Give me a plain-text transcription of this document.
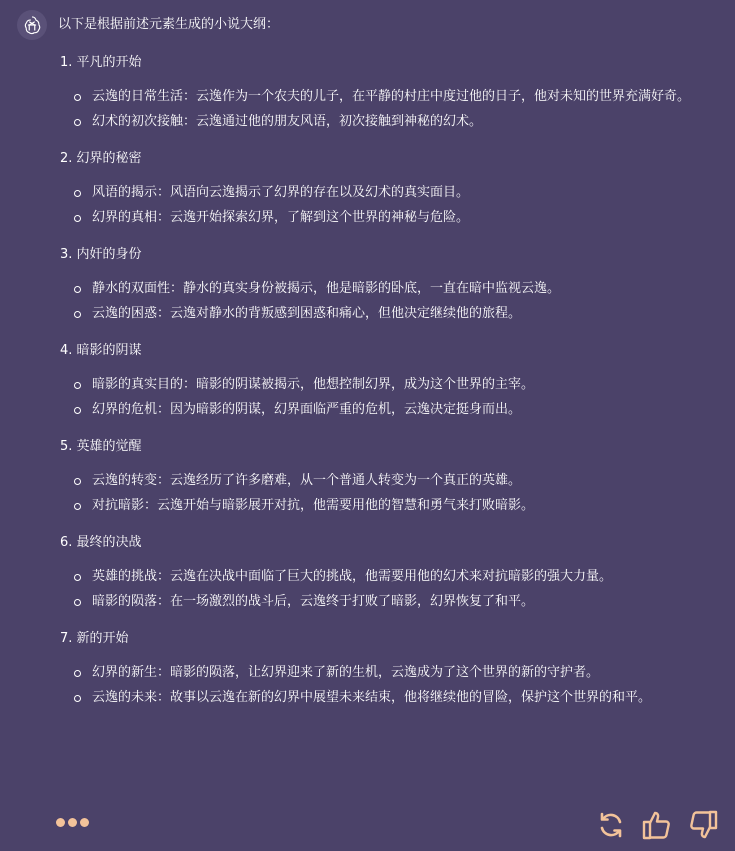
以下是根据前述元素生成的小说大纲：
1. 平凡的开始
云逸的日常生活：云逸作为一个农夫的儿子，在平静的村庄中度过他的日子，他对未知的世界充满好奇。
幻术的初次接触：云逸通过他的朋友风语，初次接触到神秘的幻术。
2. 幻界的秘密
风语的揭示：风语向云逸揭示了幻界的存在以及幻术的真实面目。
幻界的真相：云逸开始探索幻界，了解到这个世界的神秘与危险。
3. 内奸的身份
静水的双面性：静水的真实身份被揭示，他是暗影的卧底，一直在暗中监视云逸。
云逸的困惑：云逸对静水的背叛感到困惑和痛心，但他决定继续他的旅程。
4. 暗影的阴谋
暗影的真实目的：暗影的阴谋被揭示，他想控制幻界，成为这个世界的主宰。
幻界的危机：因为暗影的阴谋，幻界面临严重的危机，云逸决定挺身而出。
5. 英雄的觉醒
云逸的转变：云逸经历了许多磨难，从一个普通人转变为一个真正的英雄。
对抗暗影：云逸开始与暗影展开对抗，他需要用他的智慧和勇气来打败暗影。
6. 最终的决战
英雄的挑战：云逸在决战中面临了巨大的挑战，他需要用他的幻术来对抗暗影的强大力量。
暗影的陨落：在一场激烈的战斗后，云逸终于打败了暗影，幻界恢复了和平。
7. 新的开始
幻界的新生：暗影的陨落，让幻界迎来了新的生机，云逸成为了这个世界的新的守护者。
云逸的未来：故事以云逸在新的幻界中展望未来结束，他将继续他的冒险，保护这个世界的和平。
